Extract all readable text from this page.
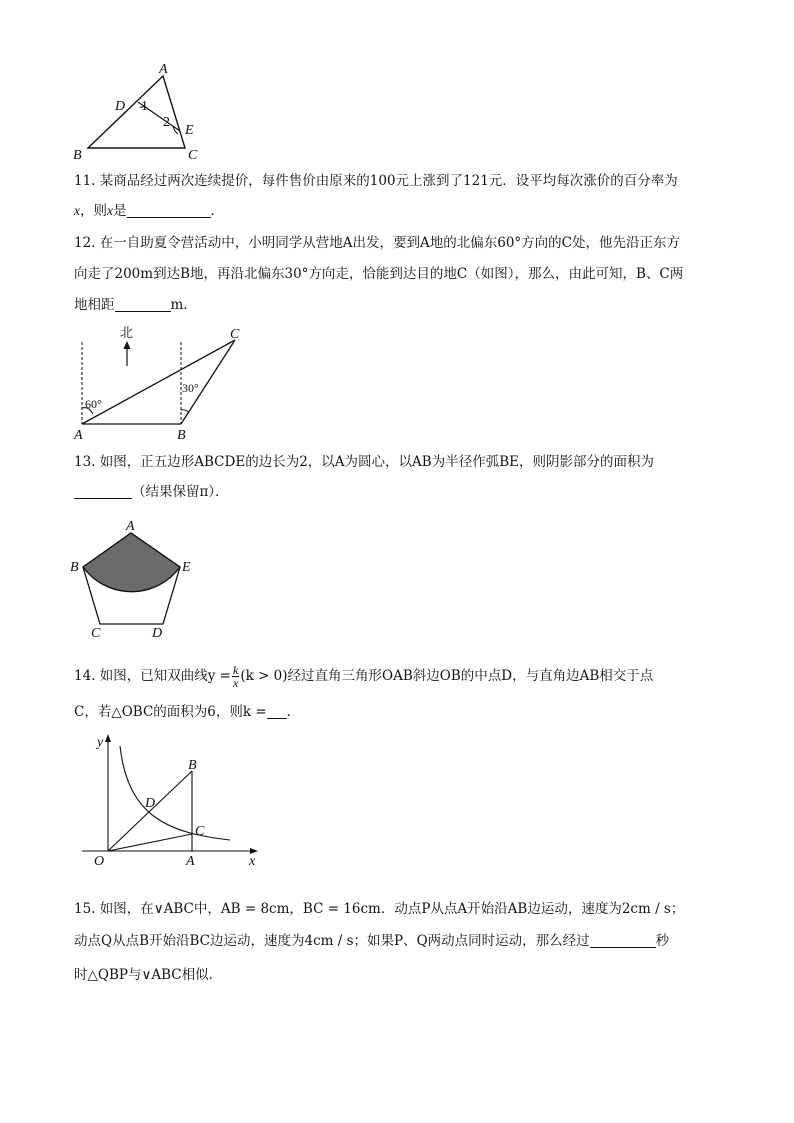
A
B	C
D
E
1
2
11. 某商品经过两次连续提价，每件售价由原来的100元上涨到了121元．设平均每次涨价的百分率为
x，则x是	．
12. 在一自助夏令营活动中，小明同学从营地A出发，要到A地的北偏东60°方向的C处，他先沿正东方
向走了200m到达B地，再沿北偏东30°方向走，恰能到达目的地C（如图），那么，由此可知，B、C两
地相距	m．
北
60°
30°
A	B
C
13. 如图，正五边形ABCDE的边长为2，以A为圆心，以AB为半径作弧BE，则阴影部分的面积为
（结果保留π）．
A
B
C	D
E
14. 如图，已知双曲线$y = \frac{k}{x} (k > 0)$经过直角三角形OAB斜边OB的中点D，与直角边AB相交于点
C，若△OBC的面积为6，则k = .
y
x
O	A
B
C
D
15. 如图，在∨ABC中，AB = 8cm，BC = 16cm．动点P从点A开始沿AB边运动，速度为2cm / s；
动点Q从点B开始沿BC边运动，速度为4cm / s；如果P、Q两动点同时运动，那么经过	秒
时△QBP与∨ABC相似．
